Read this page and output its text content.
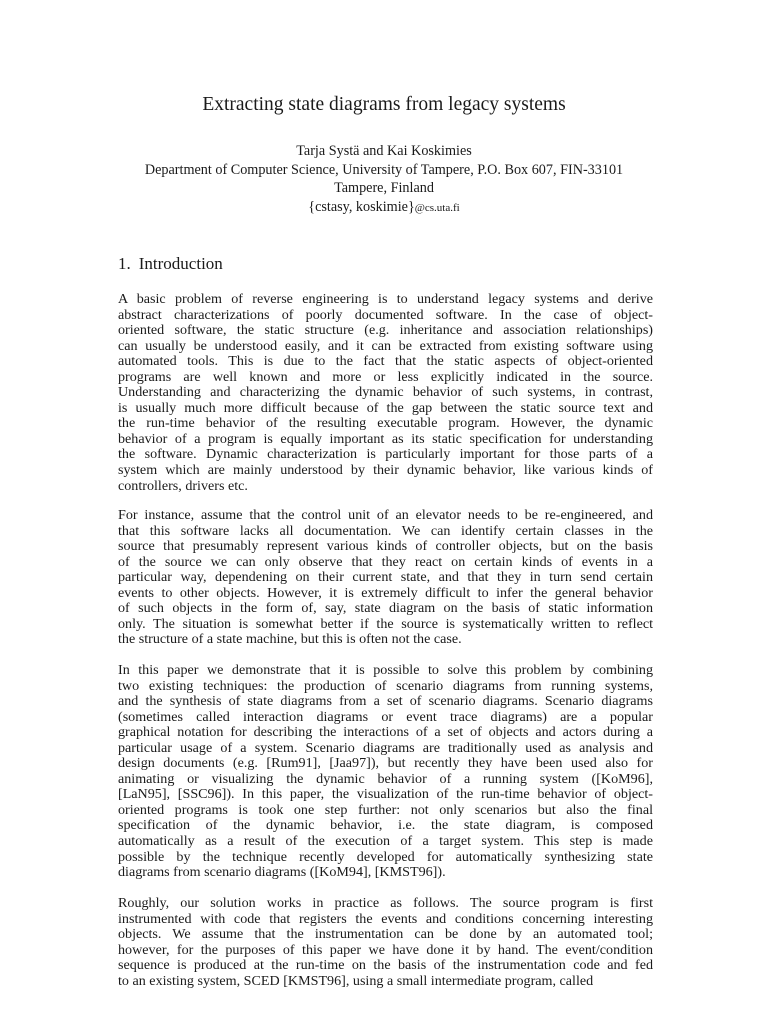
Extracting state diagrams from legacy systems
Tarja Systä and Kai Koskimies
Department of Computer Science, University of Tampere, P.O. Box 607, FIN-33101
Tampere, Finland
{cstasy, koskimie}@cs.uta.fi
1. Introduction
A basic problem of reverse engineering is to understand legacy systems and derive
abstract characterizations of poorly documented software. In the case of object-
oriented software, the static structure (e.g. inheritance and association relationships)
can usually be understood easily, and it can be extracted from existing software using
automated tools. This is due to the fact that the static aspects of object-oriented
programs are well known and more or less explicitly indicated in the source.
Understanding and characterizing the dynamic behavior of such systems, in contrast,
is usually much more difficult because of the gap between the static source text and
the run-time behavior of the resulting executable program. However, the dynamic
behavior of a program is equally important as its static specification for understanding
the software. Dynamic characterization is particularly important for those parts of a
system which are mainly understood by their dynamic behavior, like various kinds of
controllers, drivers etc.
For instance, assume that the control unit of an elevator needs to be re-engineered, and
that this software lacks all documentation. We can identify certain classes in the
source that presumably represent various kinds of controller objects, but on the basis
of the source we can only observe that they react on certain kinds of events in a
particular way, dependening on their current state, and that they in turn send certain
events to other objects. However, it is extremely difficult to infer the general behavior
of such objects in the form of, say, state diagram on the basis of static information
only. The situation is somewhat better if the source is systematically written to reflect
the structure of a state machine, but this is often not the case.
In this paper we demonstrate that it is possible to solve this problem by combining
two existing techniques: the production of scenario diagrams from running systems,
and the synthesis of state diagrams from a set of scenario diagrams. Scenario diagrams
(sometimes called interaction diagrams or event trace diagrams) are a popular
graphical notation for describing the interactions of a set of objects and actors during a
particular usage of a system. Scenario diagrams are traditionally used as analysis and
design documents (e.g. [Rum91], [Jaa97]), but recently they have been used also for
animating or visualizing the dynamic behavior of a running system ([KoM96],
[LaN95], [SSC96]). In this paper, the visualization of the run-time behavior of object-
oriented programs is took one step further: not only scenarios but also the final
specification of the dynamic behavior, i.e. the state diagram, is composed
automatically as a result of the execution of a target system. This step is made
possible by the technique recently developed for automatically synthesizing state
diagrams from scenario diagrams ([KoM94], [KMST96]).
Roughly, our solution works in practice as follows. The source program is first
instrumented with code that registers the events and conditions concerning interesting
objects. We assume that the instrumentation can be done by an automated tool;
however, for the purposes of this paper we have done it by hand. The event/condition
sequence is produced at the run-time on the basis of the instrumentation code and fed
to an existing system, SCED [KMST96], using a small intermediate program, called
